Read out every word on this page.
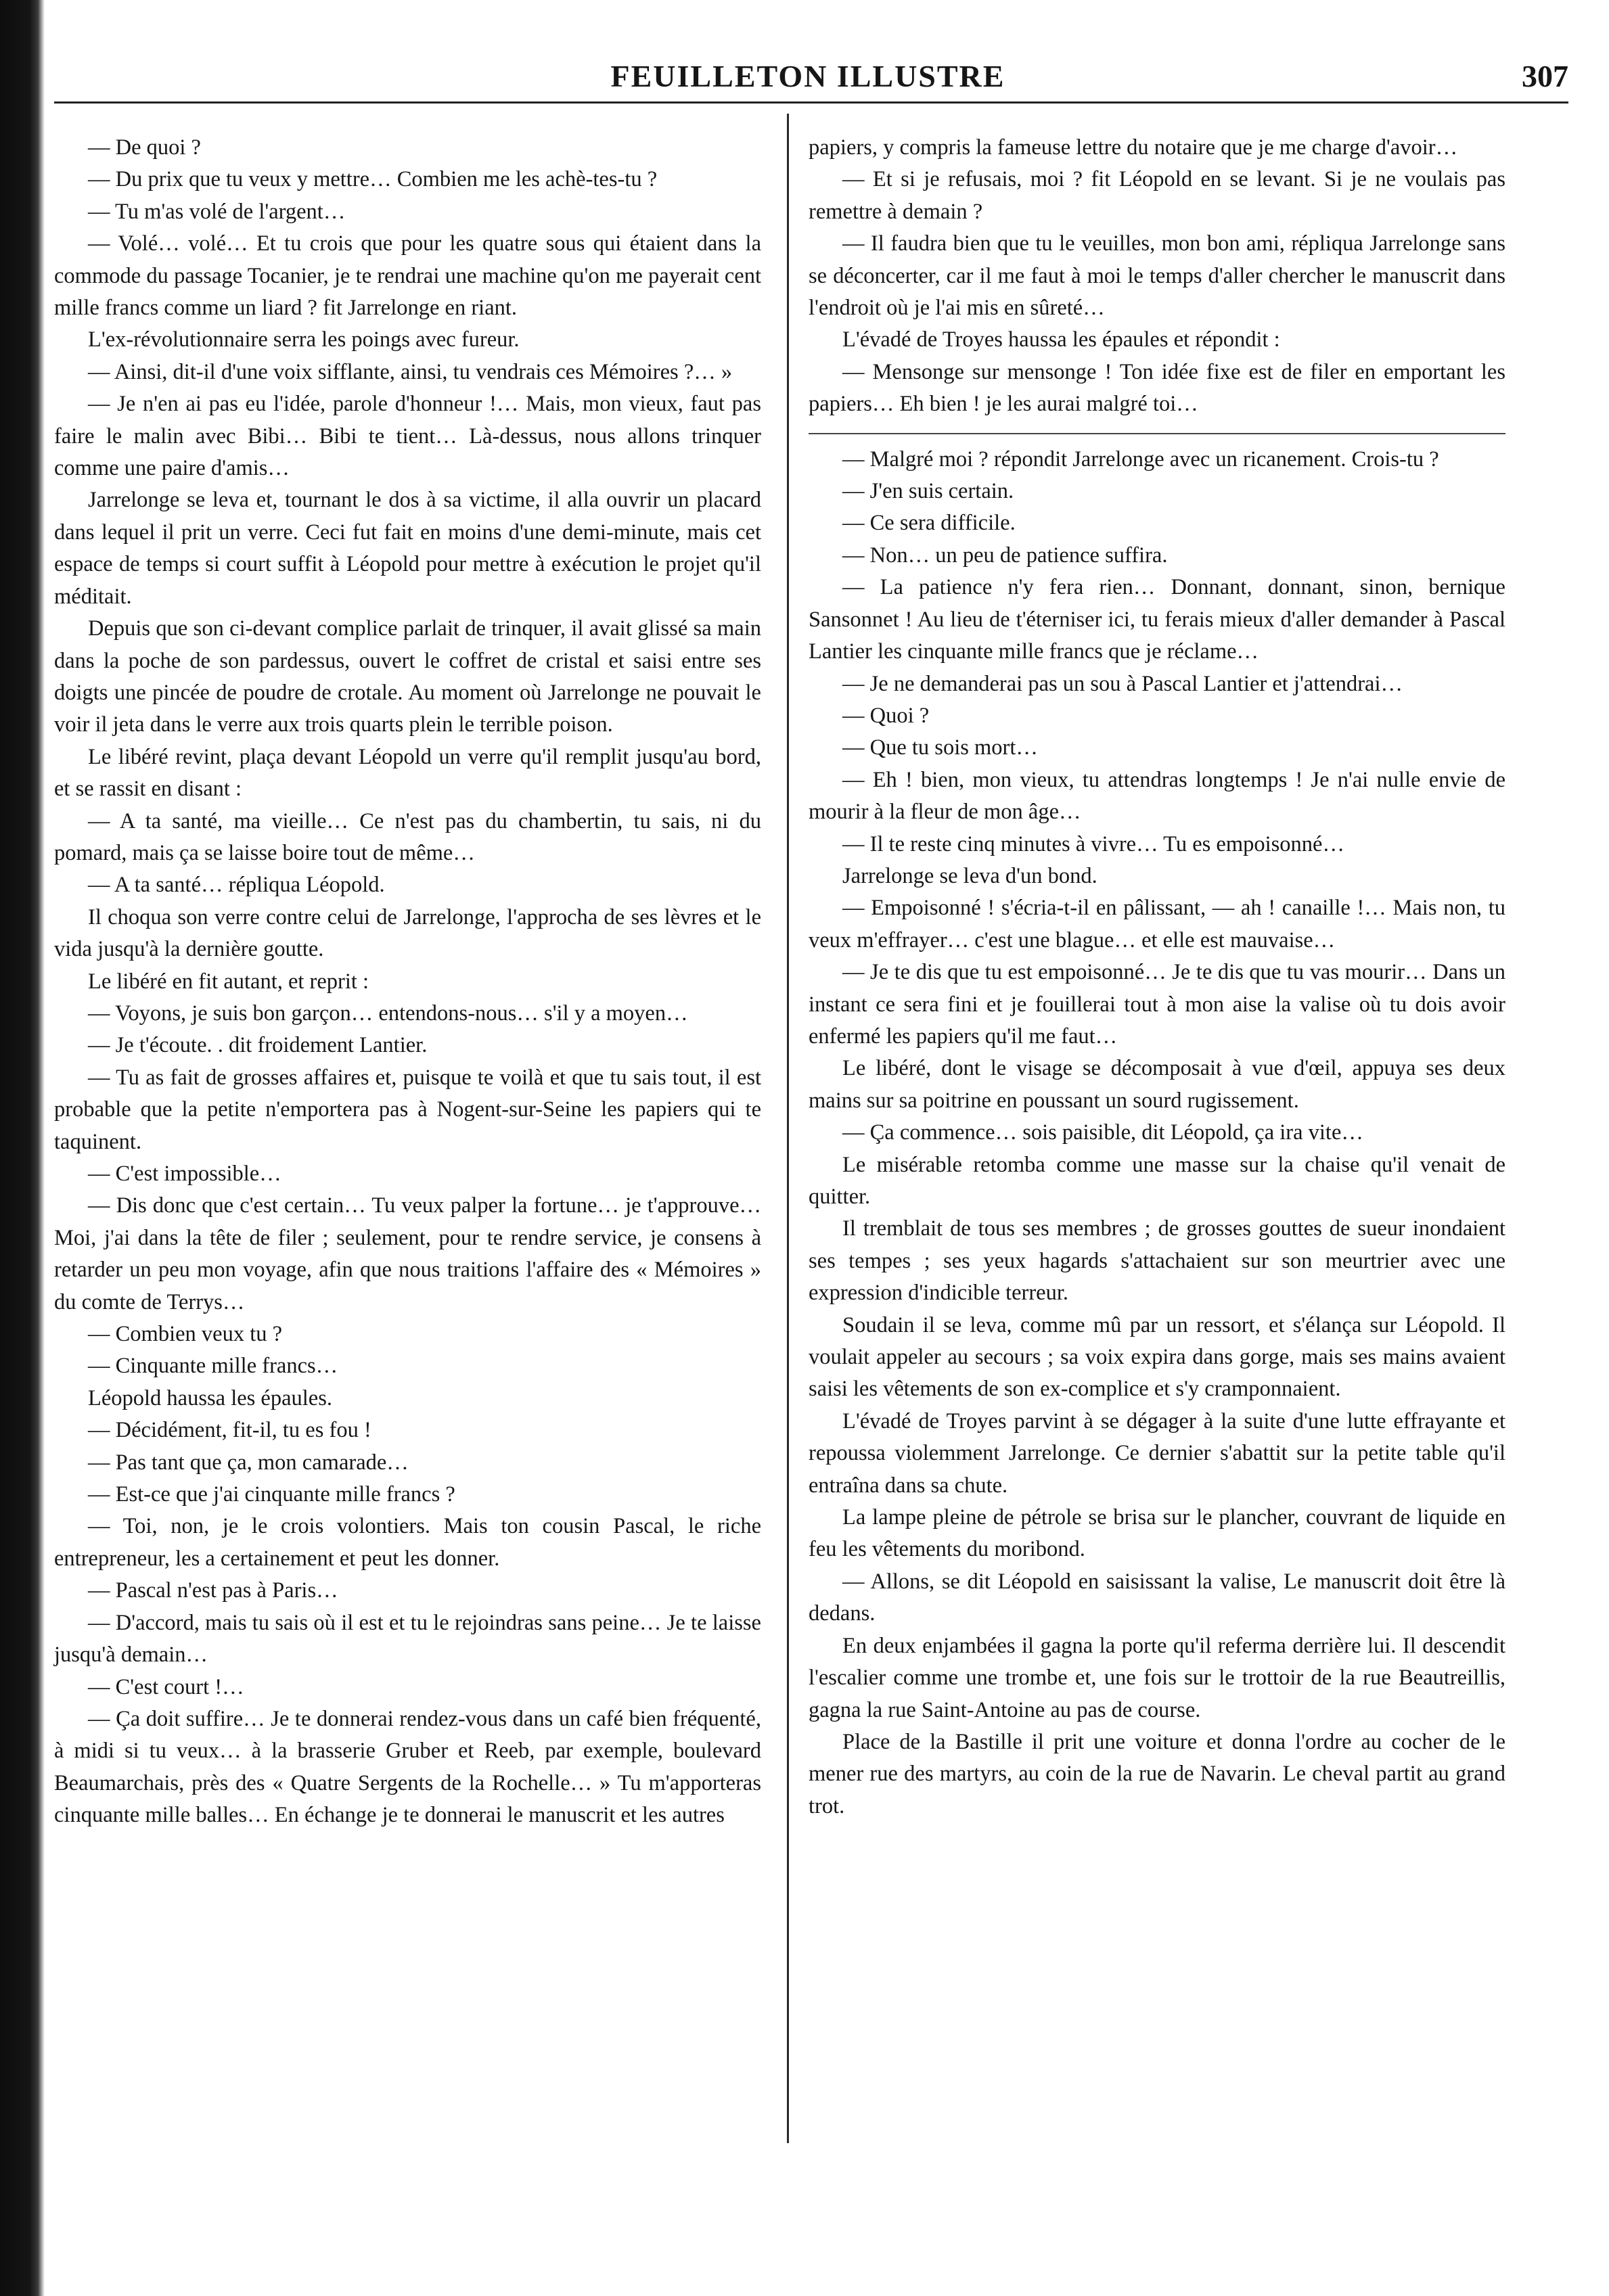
FEUILLETON ILLUSTRE	307

— De quoi ?

— Du prix que tu veux y mettre… Combien me les achè-tes-tu ?

— Tu m'as volé de l'argent…

— Volé… volé… Et tu crois que pour les quatre sous qui étaient dans la commode du passage Tocanier, je te rendrai une machine qu'on me payerait cent mille francs comme un liard ? fit Jarrelonge en riant.

L'ex-révolutionnaire serra les poings avec fureur.

— Ainsi, dit-il d'une voix sifflante, ainsi, tu vendrais ces Mémoires ?… »

— Je n'en ai pas eu l'idée, parole d'honneur !… Mais, mon vieux, faut pas faire le malin avec Bibi… Bibi te tient… Là-dessus, nous allons trinquer comme une paire d'amis…

Jarrelonge se leva et, tournant le dos à sa victime, il alla ouvrir un placard dans lequel il prit un verre. Ceci fut fait en moins d'une demi-minute, mais cet espace de temps si court suffit à Léopold pour mettre à exécution le projet qu'il méditait.

Depuis que son ci-devant complice parlait de trinquer, il avait glissé sa main dans la poche de son pardessus, ouvert le coffret de cristal et saisi entre ses doigts une pincée de poudre de crotale. Au moment où Jarrelonge ne pouvait le voir il jeta dans le verre aux trois quarts plein le terrible poison.

Le libéré revint, plaça devant Léopold un verre qu'il remplit jusqu'au bord, et se rassit en disant :

— A ta santé, ma vieille… Ce n'est pas du chambertin, tu sais, ni du pomard, mais ça se laisse boire tout de même…

— A ta santé… répliqua Léopold.

Il choqua son verre contre celui de Jarrelonge, l'approcha de ses lèvres et le vida jusqu'à la dernière goutte.

Le libéré en fit autant, et reprit :

— Voyons, je suis bon garçon… entendons-nous… s'il y a moyen…

— Je t'écoute. . dit froidement Lantier.

— Tu as fait de grosses affaires et, puisque te voilà et que tu sais tout, il est probable que la petite n'emportera pas à Nogent-sur-Seine les papiers qui te taquinent.

— C'est impossible…

— Dis donc que c'est certain… Tu veux palper la fortune… je t'approuve… Moi, j'ai dans la tête de filer ; seulement, pour te rendre service, je consens à retarder un peu mon voyage, afin que nous traitions l'affaire des « Mémoires » du comte de Terrys…

— Combien veux tu ?

— Cinquante mille francs…

Léopold haussa les épaules.

— Décidément, fit-il, tu es fou !

— Pas tant que ça, mon camarade…

— Est-ce que j'ai cinquante mille francs ?

— Toi, non, je le crois volontiers. Mais ton cousin Pascal, le riche entrepreneur, les a certainement et peut les donner.

— Pascal n'est pas à Paris…

— D'accord, mais tu sais où il est et tu le rejoindras sans peine… Je te laisse jusqu'à demain…

— C'est court !…

— Ça doit suffire… Je te donnerai rendez-vous dans un café bien fréquenté, à midi si tu veux… à la brasserie Gruber et Reeb, par exemple, boulevard Beaumarchais, près des « Quatre Sergents de la Rochelle… » Tu m'apporteras cinquante mille balles… En échange je te donnerai le manuscrit et les autres

papiers, y compris la fameuse lettre du notaire que je me charge d'avoir…

— Et si je refusais, moi ? fit Léopold en se levant. Si je ne voulais pas remettre à demain ?

— Il faudra bien que tu le veuilles, mon bon ami, répliqua Jarrelonge sans se déconcerter, car il me faut à moi le temps d'aller chercher le manuscrit dans l'endroit où je l'ai mis en sûreté…

L'évadé de Troyes haussa les épaules et répondit :

— Mensonge sur mensonge ! Ton idée fixe est de filer en emportant les papiers… Eh bien ! je les aurai malgré toi…

— Malgré moi ? répondit Jarrelonge avec un ricanement. Crois-tu ?

— J'en suis certain.

— Ce sera difficile.

— Non… un peu de patience suffira.

— La patience n'y fera rien… Donnant, donnant, sinon, bernique Sansonnet ! Au lieu de t'éterniser ici, tu ferais mieux d'aller demander à Pascal Lantier les cinquante mille francs que je réclame…

— Je ne demanderai pas un sou à Pascal Lantier et j'attendrai…

— Quoi ?

— Que tu sois mort…

— Eh ! bien, mon vieux, tu attendras longtemps ! Je n'ai nulle envie de mourir à la fleur de mon âge…

— Il te reste cinq minutes à vivre… Tu es empoisonné…

Jarrelonge se leva d'un bond.

— Empoisonné ! s'écria-t-il en pâlissant, — ah ! canaille !… Mais non, tu veux m'effrayer… c'est une blague… et elle est mauvaise…

— Je te dis que tu est empoisonné… Je te dis que tu vas mourir… Dans un instant ce sera fini et je fouillerai tout à mon aise la valise où tu dois avoir enfermé les papiers qu'il me faut…

Le libéré, dont le visage se décomposait à vue d'œil, appuya ses deux mains sur sa poitrine en poussant un sourd rugissement.

— Ça commence… sois paisible, dit Léopold, ça ira vite…

Le misérable retomba comme une masse sur la chaise qu'il venait de quitter.

Il tremblait de tous ses membres ; de grosses gouttes de sueur inondaient ses tempes ; ses yeux hagards s'attachaient sur son meurtrier avec une expression d'indicible terreur.

Soudain il se leva, comme mû par un ressort, et s'élança sur Léopold. Il voulait appeler au secours ; sa voix expira dans gorge, mais ses mains avaient saisi les vêtements de son ex-complice et s'y cramponnaient.

L'évadé de Troyes parvint à se dégager à la suite d'une lutte effrayante et repoussa violemment Jarrelonge. Ce dernier s'abattit sur la petite table qu'il entraîna dans sa chute.

La lampe pleine de pétrole se brisa sur le plancher, couvrant de liquide en feu les vêtements du moribond.

— Allons, se dit Léopold en saisissant la valise, Le manuscrit doit être là dedans.

En deux enjambées il gagna la porte qu'il referma derrière lui. Il descendit l'escalier comme une trombe et, une fois sur le trottoir de la rue Beautreillis, gagna la rue Saint-Antoine au pas de course.

Place de la Bastille il prit une voiture et donna l'ordre au cocher de le mener rue des martyrs, au coin de la rue de Navarin. Le cheval partit au grand trot.
